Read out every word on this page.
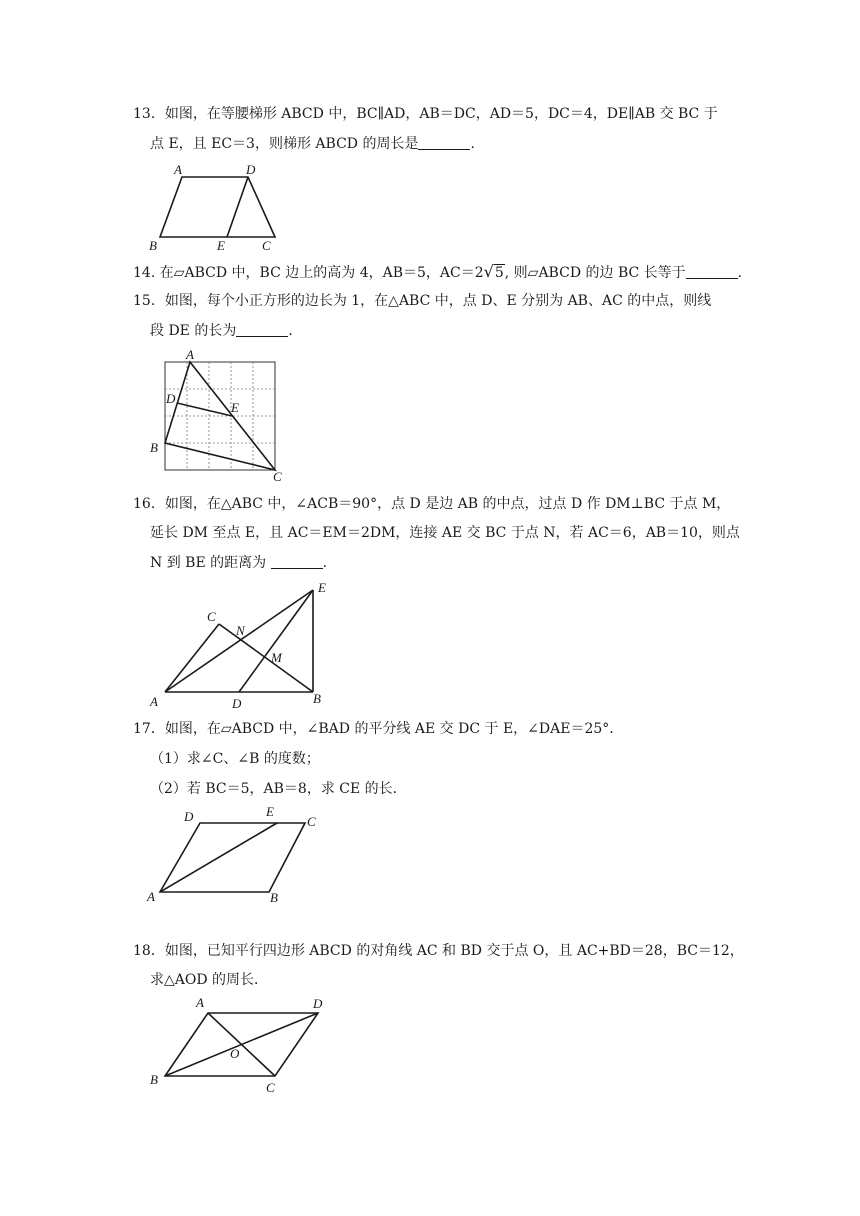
13．如图，在等腰梯形 ABCD 中，BC∥AD，AB＝DC，AD＝5，DC＝4，DE∥AB 交 BC 于
点 E，且 EC＝3，则梯形 ABCD 的周长是	.
A	D
B	E	C
14. 在▱ABCD 中，BC 边上的高为 4，AB＝5，AC＝2√5, 则▱ABCD 的边 BC 长等于	.
15．如图，每个小正方形的边长为 1，在△ABC 中，点 D、E 分别为 AB、AC 的中点，则线
段 DE 的长为	.
A
D
E
B
C
16．如图，在△ABC 中，∠ACB＝90°，点 D 是边 AB 的中点，过点 D 作 DM⊥BC 于点 M，
延长 DM 至点 E，且 AC＝EM＝2DM，连接 AE 交 BC 于点 N，若 AC＝6，AB＝10，则点
N 到 BE 的距离为	.
E
C
N
M
A	D	B
17．如图，在▱ABCD 中，∠BAD 的平分线 AE 交 DC 于 E，∠DAE＝25°．
（1）求∠C、∠B 的度数；
（2）若 BC＝5，AB＝8，求 CE 的长．
D	E
C
A	B
18．如图，已知平行四边形 ABCD 的对角线 AC 和 BD 交于点 O，且 AC+BD＝28，BC＝12，
求△AOD 的周长．
A	D
O
B
C
